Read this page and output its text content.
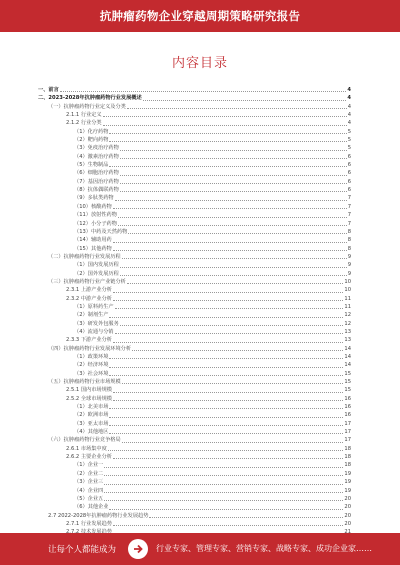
抗肿瘤药物企业穿越周期策略研究报告
内容目录
一、前言	4
二、2023-2028年抗肿瘤药物行业发展概述	4
（一）抗肿瘤药物行业定义及分类	4
2.1.1 行业定义	4
2.1.2 行业分类	4
（1）化疗药物	5
（2）靶向药物	5
（3）免疫治疗药物	5
（4）激素治疗药物	6
（5）生物制品	6
（6）细胞治疗药物	6
（7）基因治疗药物	6
（8）抗体偶联药物	6
（9）多肽类药物	7
（10）核酸药物	7
（11）放射性药物	7
（12）小分子药物	7
（13）中药及天然药物	8
（14）辅助用药	8
（15）其他药物	8
（二）抗肿瘤药物行业发展历程	9
（1）国内发展历程	9
（2）国外发展历程	9
（三）抗肿瘤药物行业产业链分析	10
2.3.1 上游产业分析	10
2.3.2 中游产业分析	11
（1）原料药生产	11
（2）制剂生产	12
（3）研发外包服务	12
（4）流通与分销	13
2.3.3 下游产业分析	13
（四）抗肿瘤药物行业发展环境分析	14
（1）政策环境	14
（2）经济环境	14
（3）社会环境	15
（五）抗肿瘤药物行业市场规模	15
2.5.1 国内市场规模	15
2.5.2 全球市场规模	16
（1）北美市场	16
（2）欧洲市场	16
（3）亚太市场	17
（4）其他地区	17
（六）抗肿瘤药物行业竞争格局	17
2.6.1 市场集中度	18
2.6.2 主要企业分析	18
（1）企业一	18
（2）企业二	19
（3）企业三	19
（4）企业四	19
（5）企业五	20
（6）其他企业	20
2.7 2022-2028年抗肿瘤药物行业发展趋势	20
2.7.1 行业发展趋势	20
让每个人都能成为	行业专家、管理专家、营销专家、战略专家、成功企业家……
